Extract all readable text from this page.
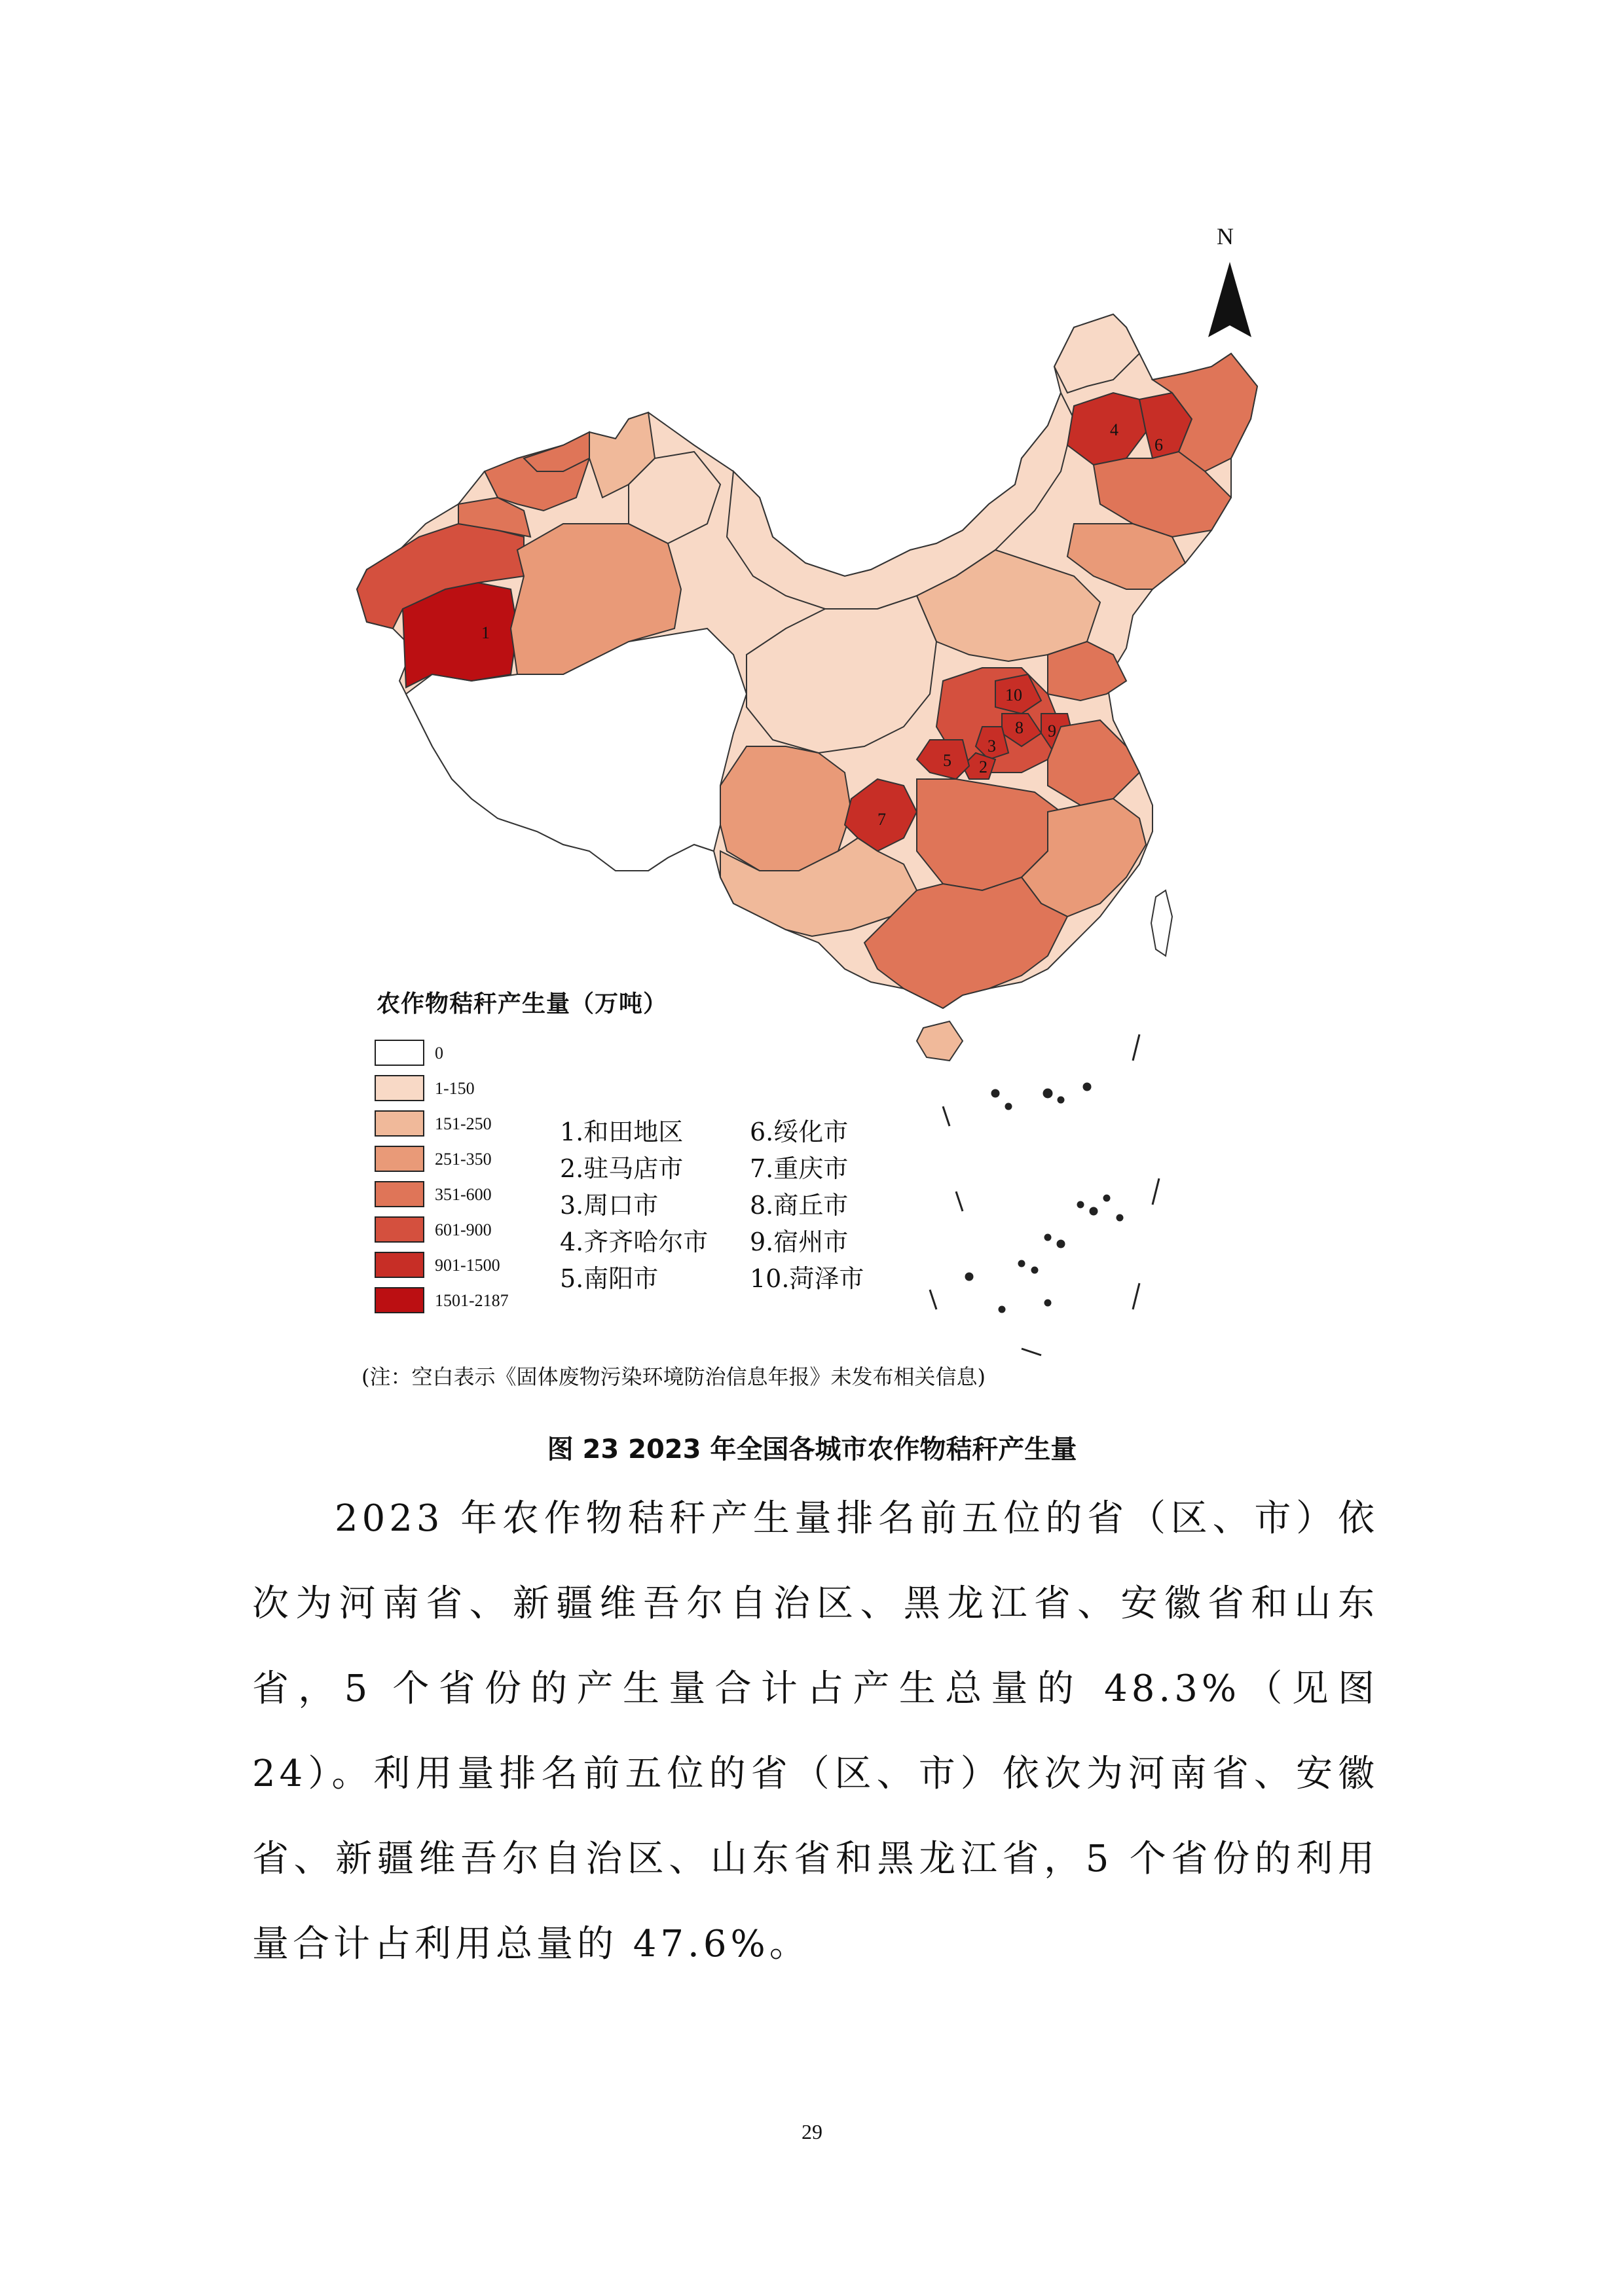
1
2
3
4
5
6
7
8 9
10
N
农作物秸秆产生量（万吨）
0
1-150
151-250
251-350
351-600
601-900
901-1500
1501-2187
1.和田地区	6.绥化市
2.驻马店市	7.重庆市
3.周口市	8.商丘市
4.齐齐哈尔市	9.宿州市
5.南阳市	10.菏泽市
(注：空白表示《固体废物污染环境防治信息年报》未发布相关信息)
图 23 2023 年全国各城市农作物秸秆产生量

2023 年农作物秸秆产生量排名前五位的省（区、市）依次为河南省、新疆维吾尔自治区、黑龙江省、安徽省和山东省，5 个省份的产生量合计占产生总量的 48.3%（见图 24）。利用量排名前五位的省（区、市）依次为河南省、安徽省、新疆维吾尔自治区、山东省和黑龙江省，5 个省份的利用量合计占利用总量的 47.6%。

29
